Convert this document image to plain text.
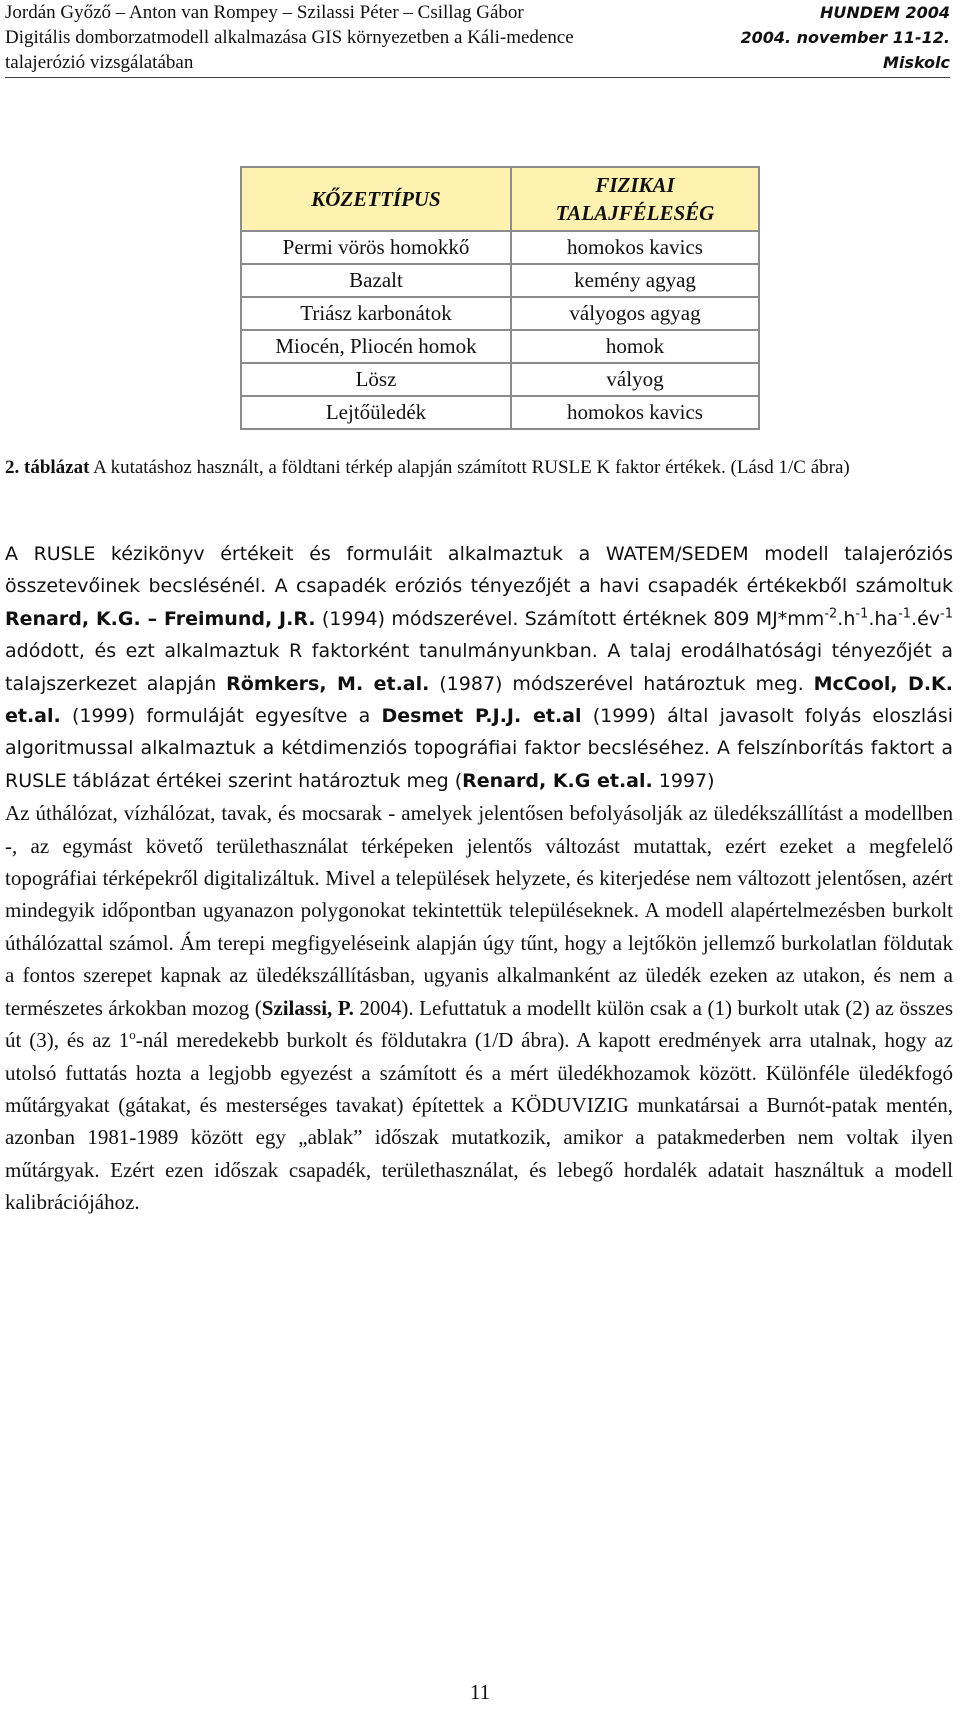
Jordán Győző – Anton van Rompey – Szilassi Péter – Csillag Gábor
Digitális domborzatmodell alkalmazása GIS környezetben a Káli-medence
talajerózió vizsgálatában
HUNDEM 2004
2004. november 11-12.
Miskolc
KŐZETTÍPUS	FIZIKAI
TALAJFÉLESÉG

Permi vörös homokkő	homokos kavics
Bazalt	kemény agyag
Triász karbonátok	vályogos agyag
Miocén, Pliocén homok	homok
Lösz	vályog
Lejtőüledék	homokos kavics
2. táblázat A kutatáshoz használt, a földtani térkép alapján számított RUSLE K faktor értékek. (Lásd 1/C ábra)

A RUSLE kézikönyv értékeit és formuláit alkalmaztuk a WATEM/SEDEM modell talajeróziós összetevőinek becslésénél. A csapadék eróziós tényezőjét a havi csapadék értékekből számoltuk Renard, K.G. – Freimund, J.R. (1994) módszerével. Számított értéknek 809 $MJ*mm^{-2}.h^{-1}.ha^{-1}.év^{-1}$ adódott, és ezt alkalmaztuk R faktorként tanulmányunkban. A talaj erodálhatósági tényezőjét a talajszerkezet alapján Römkers, M. et.al. (1987) módszerével határoztuk meg. McCool, D.K. et.al. (1999) formuláját egyesítve a Desmet P.J.J. et.al (1999) által javasolt folyás eloszlási algoritmussal alkalmaztuk a kétdimenziós topográfiai faktor becsléséhez. A felszínborítás faktort a RUSLE táblázat értékei szerint határoztuk meg (Renard, K.G et.al. 1997)

Az úthálózat, vízhálózat, tavak, és mocsarak - amelyek jelentősen befolyásolják az üledékszállítást a modellben -, az egymást követő területhasználat térképeken jelentős változást mutattak, ezért ezeket a megfelelő topográfiai térképekről digitalizáltuk. Mivel a települések helyzete, és kiterjedése nem változott jelentősen, azért mindegyik időpontban ugyanazon polygonokat tekintettük településeknek. A modell alapértelmezésben burkolt úthálózattal számol. Ám terepi megfigyeléseink alapján úgy tűnt, hogy a lejtőkön jellemző burkolatlan földutak a fontos szerepet kapnak az üledékszállításban, ugyanis alkalmanként az üledék ezeken az utakon, és nem a természetes árkokban mozog (Szilassi, P. 2004). Lefuttatuk a modellt külön csak a (1) burkolt utak (2) az összes út (3), és az 1$^o$-nál meredekebb burkolt és földutakra (1/D ábra). A kapott eredmények arra utalnak, hogy az utolsó futtatás hozta a legjobb egyezést a számított és a mért üledékhozamok között. Különféle üledékfogó műtárgyakat (gátakat, és mesterséges tavakat) építettek a KÖDUVIZIG munkatársai a Burnót-patak mentén, azonban 1981-1989 között egy „ablak” időszak mutatkozik, amikor a patakmederben nem voltak ilyen műtárgyak. Ezért ezen időszak csapadék, területhasználat, és lebegő hordalék adatait használtuk a modell kalibrációjához.

11
